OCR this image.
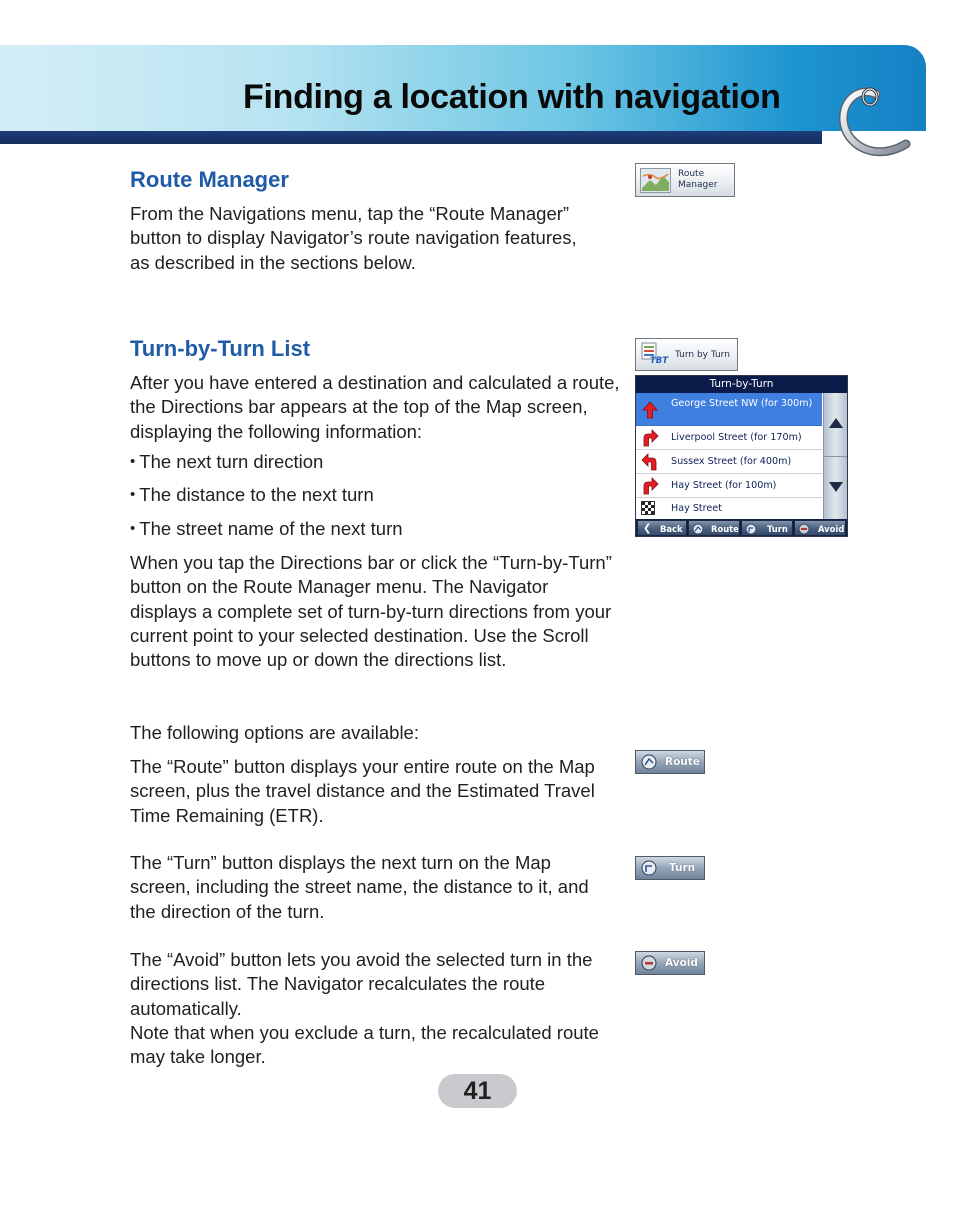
Finding a location with navigation
Route Manager

From the Navigations menu, tap the “Route Manager” button to display Navigator’s route navigation features, as described in the sections below.

Route
Manager
Turn-by-Turn List

After you have entered a destination and calculated a route, the Directions bar appears at the top of the Map screen, displaying the following information:

• The next turn direction
• The distance to the next turn
• The street name of the next turn

When you tap the Directions bar or click the “Turn-by-Turn” button on the Route Manager menu. The Navigator displays a complete set of turn-by-turn directions from your current point to your selected destination. Use the Scroll buttons to move up or down the directions list.

The following options are available:

The “Route” button displays your entire route on the Map screen, plus the travel distance and the Estimated Travel Time Remaining (ETR).

The “Turn” button displays the next turn on the Map screen, including the street name, the distance to it, and the direction of the turn.

The “Avoid” button lets you avoid the selected turn in the directions list. The Navigator recalculates the route automatically.

Note that when you exclude a turn, the recalculated route may take longer.

TBT
Turn by Turn
Turn-by-Turn
George Street NW (for 300m)
Liverpool Street (for 170m)
Sussex Street (for 400m)
Hay Street (for 100m)
Hay Street
❮ Back	Route	Turn	Avoid
Route
Turn
Avoid
41
